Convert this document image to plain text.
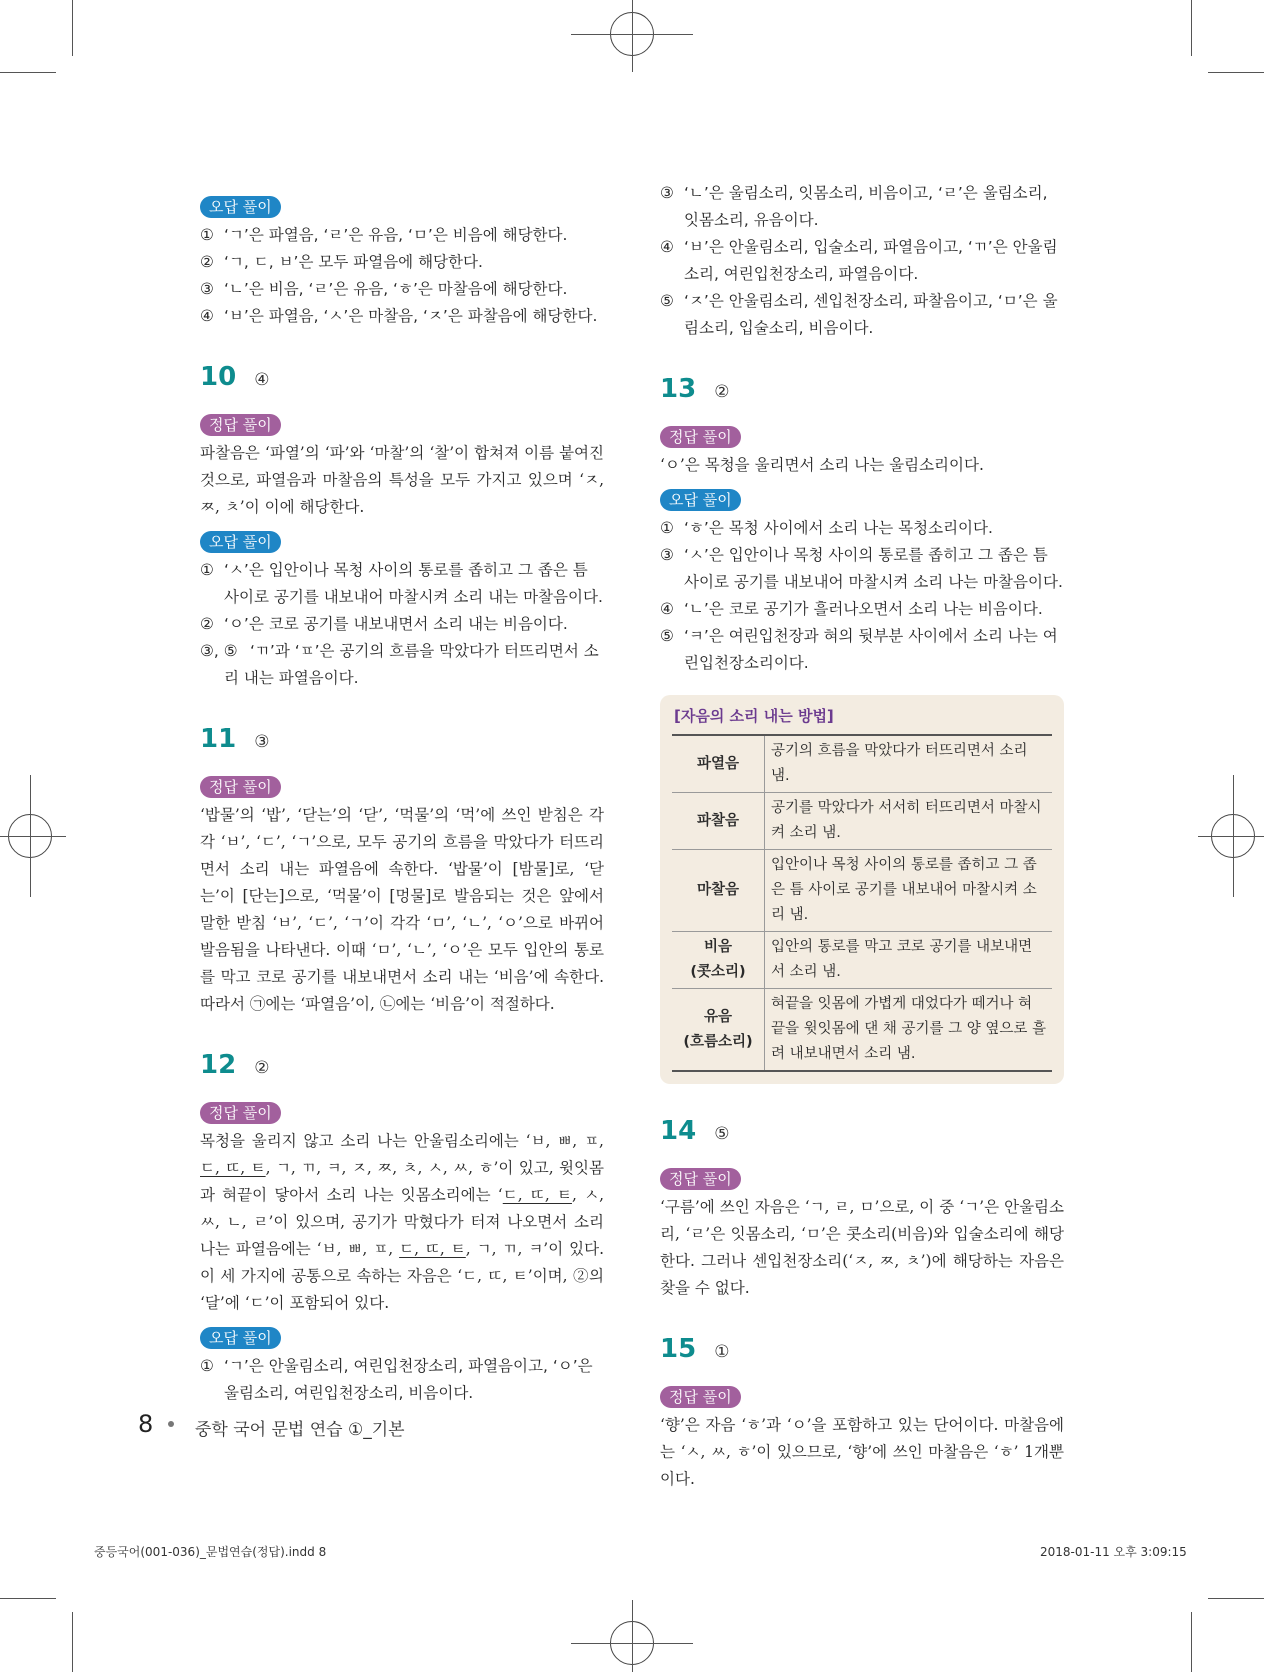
오답 풀이
① ‘ㄱ’은 파열음, ‘ㄹ’은 유음, ‘ㅁ’은 비음에 해당한다.
② ‘ㄱ, ㄷ, ㅂ’은 모두 파열음에 해당한다.
③ ‘ㄴ’은 비음, ‘ㄹ’은 유음, ‘ㅎ’은 마찰음에 해당한다.
④ ‘ㅂ’은 파열음, ‘ㅅ’은 마찰음, ‘ㅈ’은 파찰음에 해당한다.
10 ④
정답 풀이

파찰음은 ‘파열’의 ‘파’와 ‘마찰’의 ‘찰’이 합쳐져 이름 붙여진 것으로, 파열음과 마찰음의 특성을 모두 가지고 있으며 ‘ㅈ, ㅉ, ㅊ’이 이에 해당한다.

오답 풀이
① ‘ㅅ’은 입안이나 목청 사이의 통로를 좁히고 그 좁은 틈 사이로 공기를 내보내어 마찰시켜 소리 내는 마찰음이다.
② ‘ㅇ’은 코로 공기를 내보내면서 소리 내는 비음이다.
③, ⑤ ‘ㄲ’과 ‘ㅍ’은 공기의 흐름을 막았다가 터뜨리면서 소리 내는 파열음이다.
11 ③
정답 풀이

‘밥물’의 ‘밥’, ‘닫는’의 ‘닫’, ‘먹물’의 ‘먹’에 쓰인 받침은 각각 ‘ㅂ’, ‘ㄷ’, ‘ㄱ’으로, 모두 공기의 흐름을 막았다가 터뜨리면서 소리 내는 파열음에 속한다. ‘밥물’이 [밤물]로, ‘닫는’이 [단는]으로, ‘먹물’이 [멍물]로 발음되는 것은 앞에서 말한 받침 ‘ㅂ’, ‘ㄷ’, ‘ㄱ’이 각각 ‘ㅁ’, ‘ㄴ’, ‘ㅇ’으로 바뀌어 발음됨을 나타낸다. 이때 ‘ㅁ’, ‘ㄴ’, ‘ㅇ’은 모두 입안의 통로를 막고 코로 공기를 내보내면서 소리 내는 ‘비음’에 속한다. 따라서 ㉠에는 ‘파열음’이, ㉡에는 ‘비음’이 적절하다.

12 ②
정답 풀이

목청을 울리지 않고 소리 나는 안울림소리에는 ‘ㅂ, ㅃ, ㅍ, ㄷ, ㄸ, ㅌ, ㄱ, ㄲ, ㅋ, ㅈ, ㅉ, ㅊ, ㅅ, ㅆ, ㅎ’이 있고, 윗잇몸과 혀끝이 닿아서 소리 나는 잇몸소리에는 ‘ㄷ, ㄸ, ㅌ, ㅅ, ㅆ, ㄴ, ㄹ’이 있으며, 공기가 막혔다가 터져 나오면서 소리 나는 파열음에는 ‘ㅂ, ㅃ, ㅍ, ㄷ, ㄸ, ㅌ, ㄱ, ㄲ, ㅋ’이 있다. 이 세 가지에 공통으로 속하는 자음은 ‘ㄷ, ㄸ, ㅌ’이며, ②의 ‘달’에 ‘ㄷ’이 포함되어 있다.

오답 풀이
① ‘ㄱ’은 안울림소리, 여린입천장소리, 파열음이고, ‘ㅇ’은 울림소리, 여린입천장소리, 비음이다.
③ ‘ㄴ’은 울림소리, 잇몸소리, 비음이고, ‘ㄹ’은 울림소리, 잇몸소리, 유음이다.
④ ‘ㅂ’은 안울림소리, 입술소리, 파열음이고, ‘ㄲ’은 안울림소리, 여린입천장소리, 파열음이다.
⑤ ‘ㅈ’은 안울림소리, 센입천장소리, 파찰음이고, ‘ㅁ’은 울림소리, 입술소리, 비음이다.
13 ②
정답 풀이

‘ㅇ’은 목청을 울리면서 소리 나는 울림소리이다.

오답 풀이
① ‘ㅎ’은 목청 사이에서 소리 나는 목청소리이다.
③ ‘ㅅ’은 입안이나 목청 사이의 통로를 좁히고 그 좁은 틈 사이로 공기를 내보내어 마찰시켜 소리 나는 마찰음이다.
④ ‘ㄴ’은 코로 공기가 흘러나오면서 소리 나는 비음이다.
⑤ ‘ㅋ’은 여린입천장과 혀의 뒷부분 사이에서 소리 나는 여린입천장소리이다.
[자음의 소리 내는 방법]
파열음	공기의 흐름을 막았다가 터뜨리면서 소리 냄.
파찰음	공기를 막았다가 서서히 터뜨리면서 마찰시켜 소리 냄.
마찰음	입안이나 목청 사이의 통로를 좁히고 그 좁은 틈 사이로 공기를 내보내어 마찰시켜 소리 냄.
비음
(콧소리)	입안의 통로를 막고 코로 공기를 내보내면서 소리 냄.
유음
(흐름소리)	혀끝을 잇몸에 가볍게 대었다가 떼거나 혀끝을 윗잇몸에 댄 채 공기를 그 양 옆으로 흘려 내보내면서 소리 냄.
14 ⑤
정답 풀이

‘구름’에 쓰인 자음은 ‘ㄱ, ㄹ, ㅁ’으로, 이 중 ‘ㄱ’은 안울림소리, ‘ㄹ’은 잇몸소리, ‘ㅁ’은 콧소리(비음)와 입술소리에 해당한다. 그러나 센입천장소리(‘ㅈ, ㅉ, ㅊ’)에 해당하는 자음은 찾을 수 없다.

15 ①
정답 풀이

‘향’은 자음 ‘ㅎ’과 ‘ㅇ’을 포함하고 있는 단어이다. 마찰음에는 ‘ㅅ, ㅆ, ㅎ’이 있으므로, ‘향’에 쓰인 마찰음은 ‘ㅎ’ 1개뿐이다.

8 중학 국어 문법 연습 ①_기본
중등국어(001-036)_문법연습(정답).indd 8	2018-01-11 오후 3:09:15
